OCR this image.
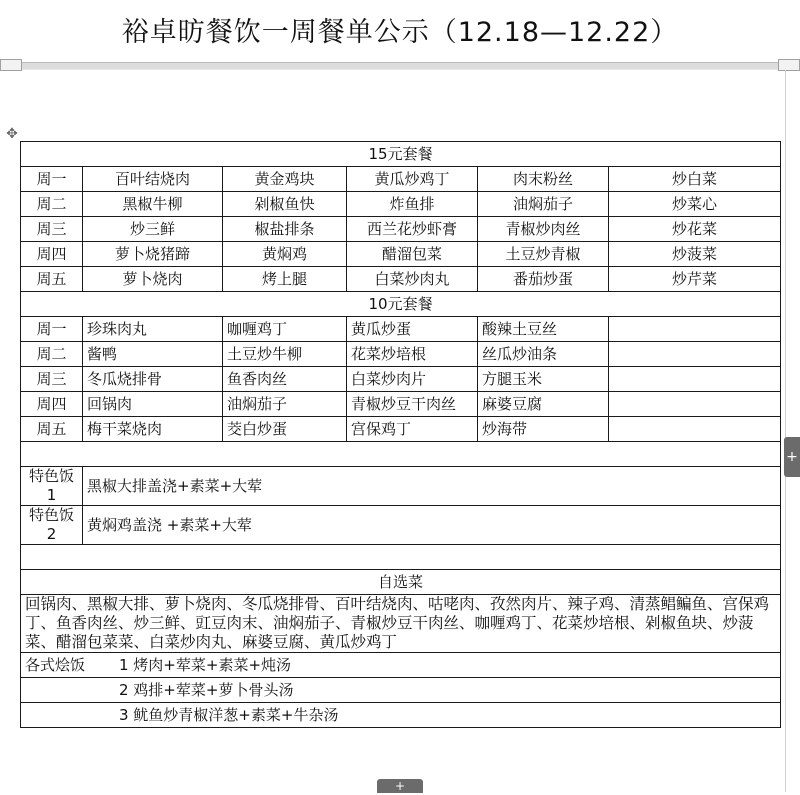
裕卓昉餐饮一周餐单公示（12.18—12.22）
✥
15元套餐					
周一	百叶结烧肉	黄金鸡块	黄瓜炒鸡丁	肉末粉丝	炒白菜
周二	黑椒牛柳	剁椒鱼快	炸鱼排	油焖茄子	炒菜心
周三	炒三鲜	椒盐排条	西兰花炒虾膏	青椒炒肉丝	炒花菜
周四	萝卜烧猪蹄	黄焖鸡	醋溜包菜	土豆炒青椒	炒菠菜
周五	萝卜烧肉	烤上腿	白菜炒肉丸	番茄炒蛋	炒芹菜
10元套餐					
周一	珍珠肉丸	咖喱鸡丁	黄瓜炒蛋	酸辣土豆丝	
周二	酱鸭	土豆炒牛柳	花菜炒培根	丝瓜炒油条	
周三	冬瓜烧排骨	鱼香肉丝	白菜炒肉片	方腿玉米	
周四	回锅肉	油焖茄子	青椒炒豆干肉丝	麻婆豆腐	
周五	梅干菜烧肉	茭白炒蛋	宫保鸡丁	炒海带	

特色饭 1	黑椒大排盖浇+素菜+大荤				
特色饭 2	黄焖鸡盖浇 +素菜+大荤				

自选菜					
回锅肉、黑椒大排、萝卜烧肉、冬瓜烧排骨、百叶结烧肉、咕咾肉、孜然肉片、辣子鸡、清蒸鲳鳊鱼、宫保鸡丁、鱼香肉丝、炒三鲜、豇豆肉末、油焖茄子、青椒炒豆干肉丝、咖喱鸡丁、花菜炒培根、剁椒鱼块、炒菠菜、醋溜包菜菜、白菜炒肉丸、麻婆豆腐、黄瓜炒鸡丁					
各式烩饭 1 烤肉+荤菜+素菜+炖汤					
2 鸡排+荤菜+萝卜骨头汤					
3 鱿鱼炒青椒洋葱+素菜+牛杂汤					
+
+
